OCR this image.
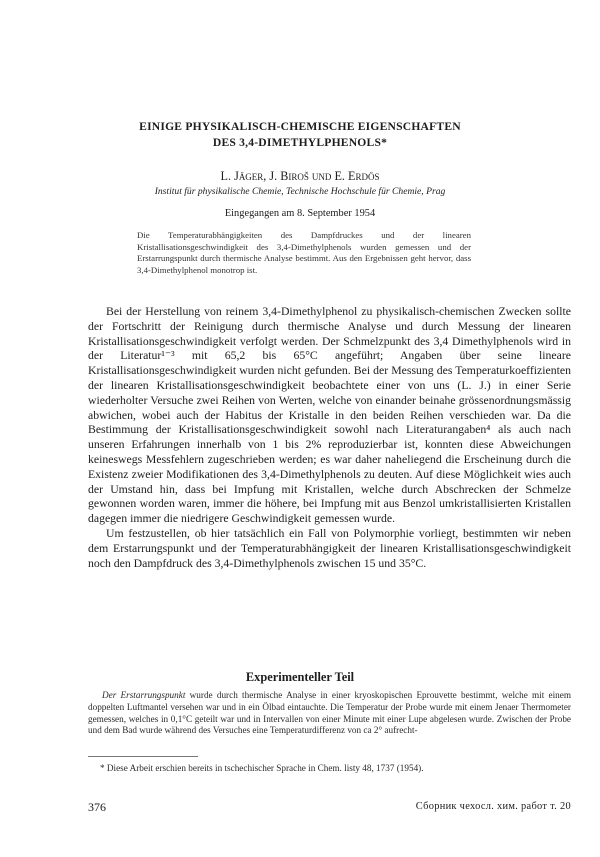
EINIGE PHYSIKALISCH-CHEMISCHE EIGENSCHAFTEN
DES 3,4-DIMETHYLPHENOLS*
L. Jäger, J. Biroš und E. Erdös
Institut für physikalische Chemie, Technische Hochschule für Chemie, Prag
Eingegangen am 8. September 1954
Die Temperaturabhängigkeiten des Dampfdruckes und der linearen Kristallisationsgeschwindigkeit des 3,4-Dimethylphenols wurden gemessen und der Erstarrungspunkt durch thermische Analyse bestimmt. Aus den Ergebnissen geht hervor, dass 3,4-Dimethylphenol monotrop ist.

Bei der Herstellung von reinem 3,4-Dimethylphenol zu physikalisch-chemischen Zwecken sollte der Fortschritt der Reinigung durch thermische Analyse und durch Messung der linearen Kristallisationsgeschwindigkeit verfolgt werden. Der Schmelzpunkt des 3,4 Dimethylphenols wird in der Literatur¹⁻³ mit 65,2 bis 65°C angeführt; Angaben über seine lineare Kristallisationsgeschwindigkeit wurden nicht gefunden. Bei der Messung des Temperaturkoeffizienten der linearen Kristallisationsgeschwindigkeit beobachtete einer von uns (L. J.) in einer Serie wiederholter Versuche zwei Reihen von Werten, welche von einander beinahe grössenordnungsmässig abwichen, wobei auch der Habitus der Kristalle in den beiden Reihen verschieden war. Da die Bestimmung der Kristallisationsgeschwindigkeit sowohl nach Literaturangaben⁴ als auch nach unseren Erfahrungen innerhalb von 1 bis 2% reproduzierbar ist, konnten diese Abweichungen keineswegs Messfehlern zugeschrieben werden; es war daher naheliegend die Erscheinung durch die Existenz zweier Modifikationen des 3,4-Dimethylphenols zu deuten. Auf diese Möglichkeit wies auch der Umstand hin, dass bei Impfung mit Kristallen, welche durch Abschrecken der Schmelze gewonnen worden waren, immer die höhere, bei Impfung mit aus Benzol umkristallisierten Kristallen dagegen immer die niedrigere Geschwindigkeit gemessen wurde.

Um festzustellen, ob hier tatsächlich ein Fall von Polymorphie vorliegt, bestimmten wir neben dem Erstarrungspunkt und der Temperaturabhängigkeit der linearen Kristallisationsgeschwindigkeit noch den Dampfdruck des 3,4-Dimethylphenols zwischen 15 und 35°C.

Experimenteller Teil
Der Erstarrungspunkt wurde durch thermische Analyse in einer kryoskopischen Eprouvette bestimmt, welche mit einem doppelten Luftmantel versehen war und in ein Ölbad eintauchte. Die Temperatur der Probe wurde mit einem Jenaer Thermometer gemessen, welches in 0,1°C geteilt war und in Intervallen von einer Minute mit einer Lupe abgelesen wurde. Zwischen der Probe und dem Bad wurde während des Versuches eine Temperaturdifferenz von ca 2° aufrecht-
* Diese Arbeit erschien bereits in tschechischer Sprache in Chem. listy 48, 1737 (1954).
376	Сборник чехосл. хим. работ т. 20
